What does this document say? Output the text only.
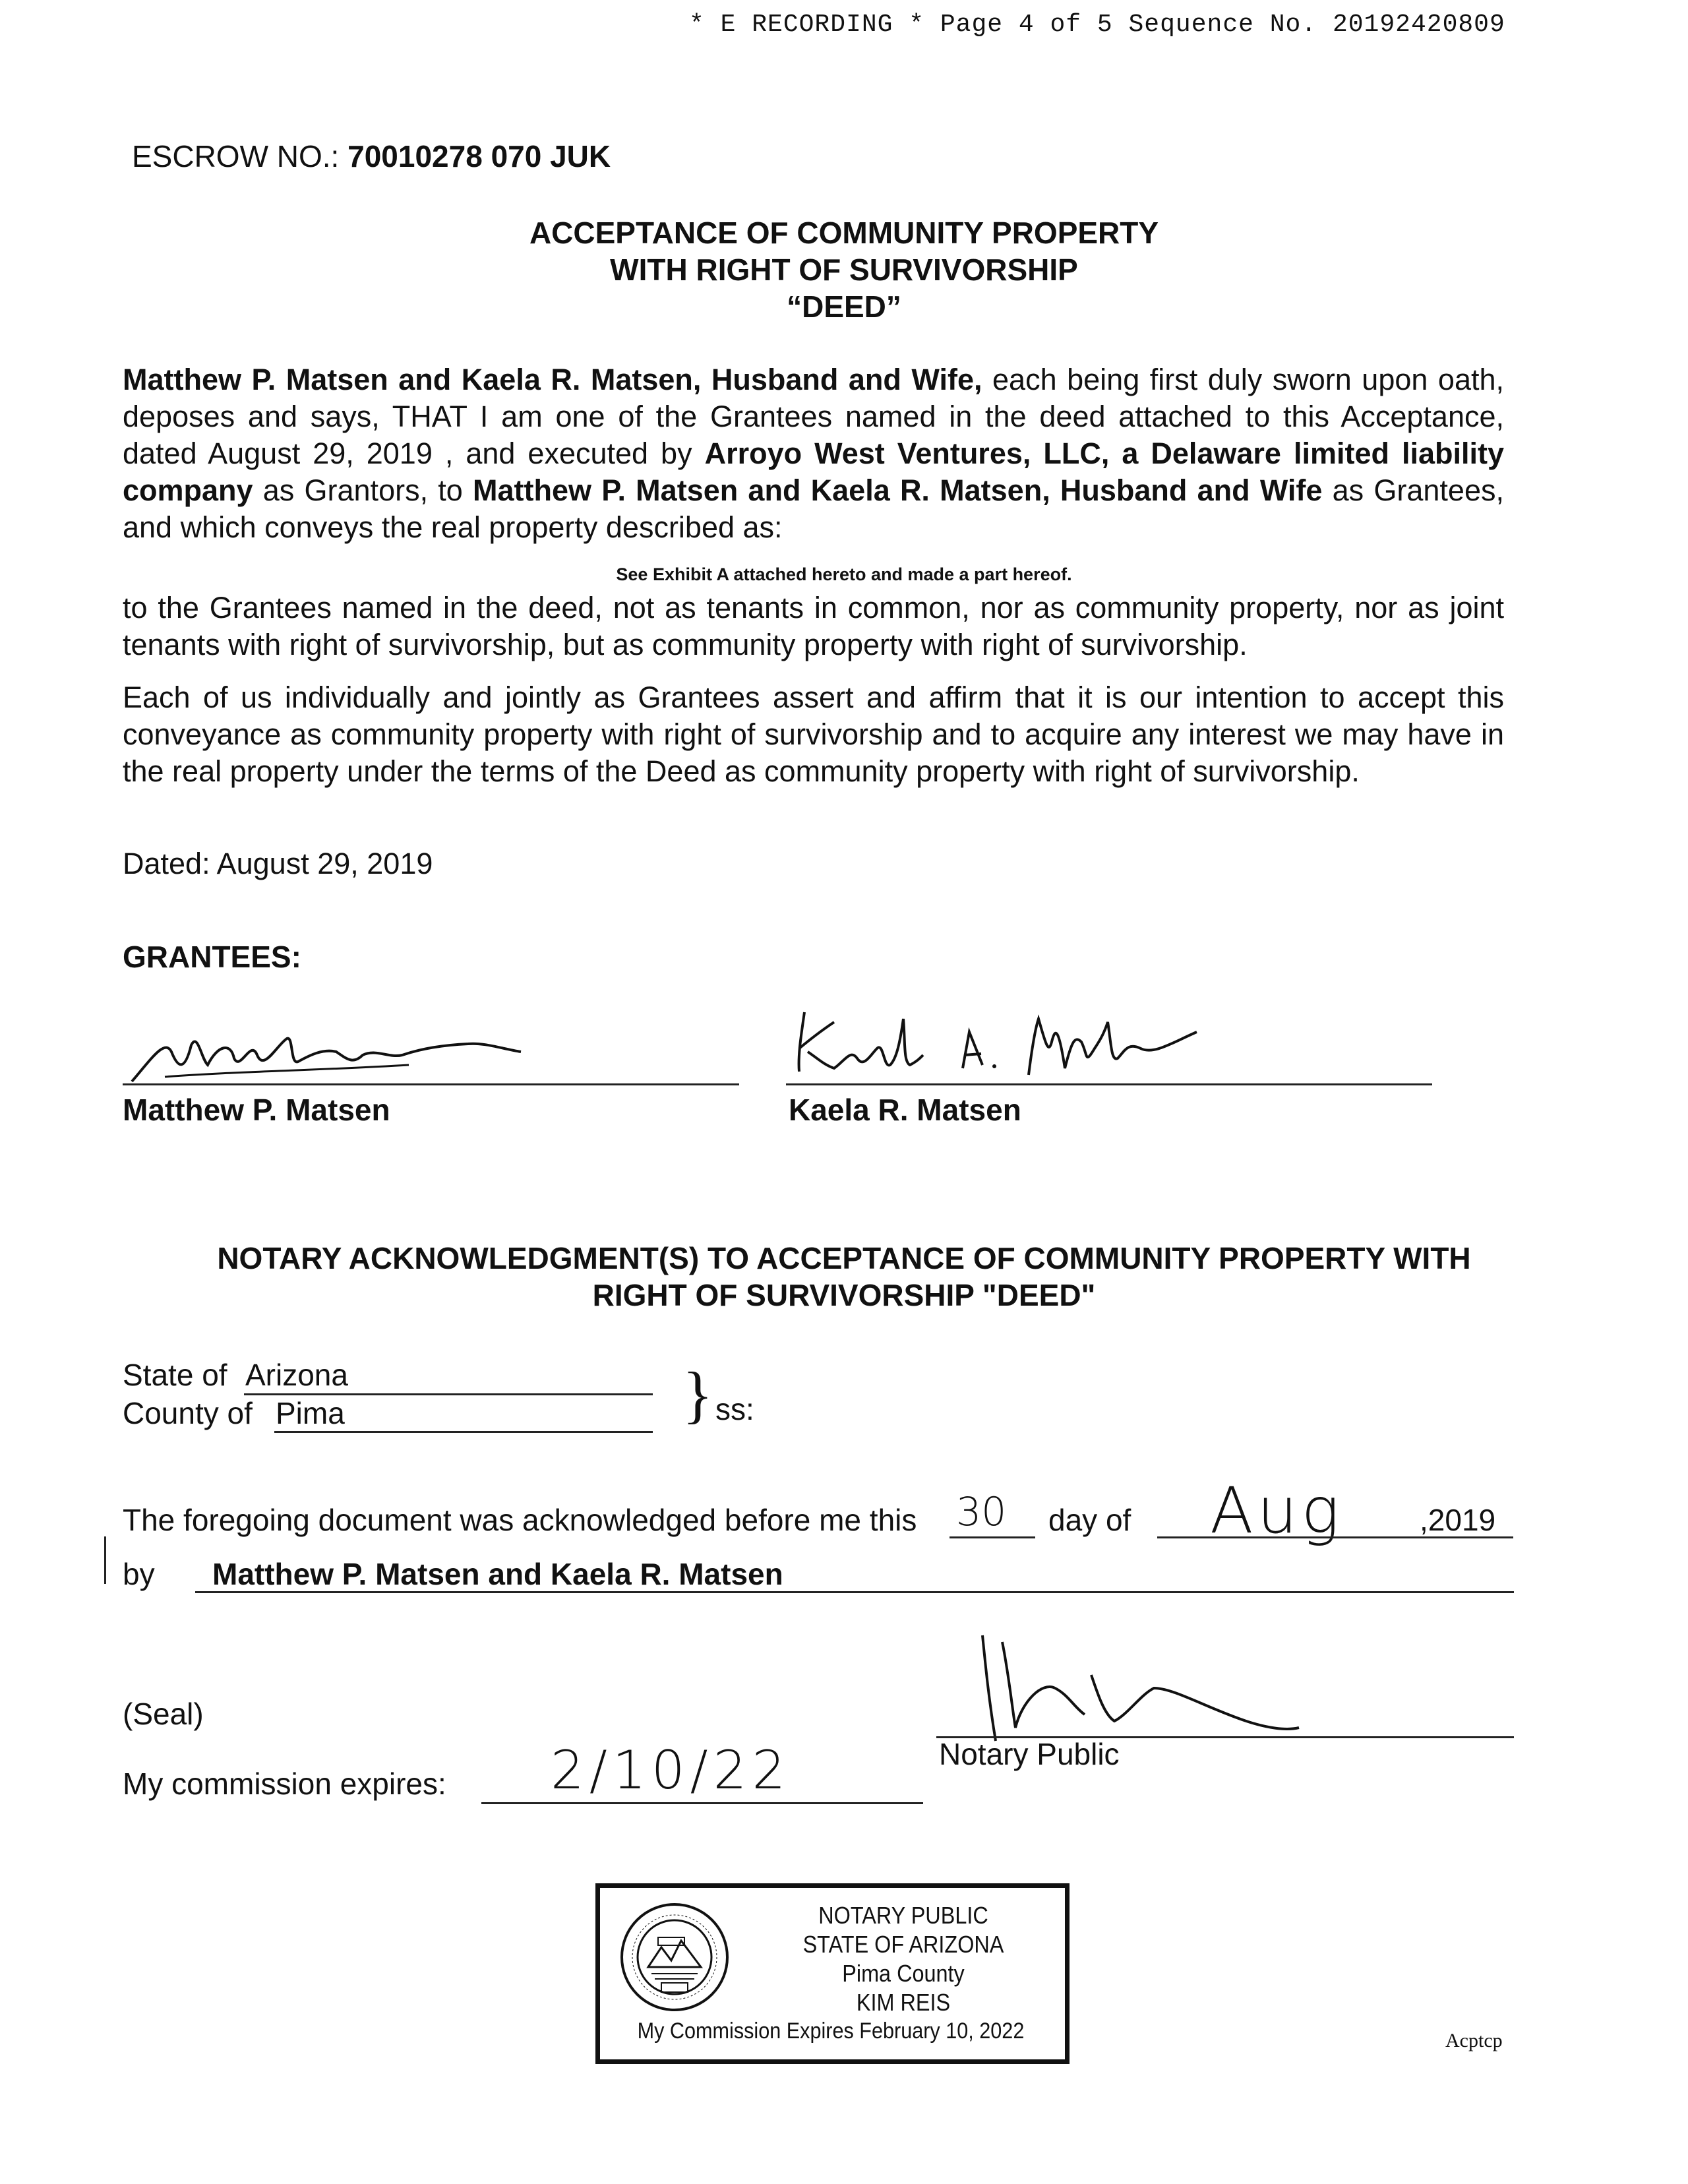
* E RECORDING * Page 4 of 5 Sequence No. 20192420809
ESCROW NO.: 70010278 070 JUK
ACCEPTANCE OF COMMUNITY PROPERTY
WITH RIGHT OF SURVIVORSHIP
“DEED”
Matthew P. Matsen and Kaela R. Matsen, Husband and Wife, each being first duly sworn upon oath, deposes and says, THAT I am one of the Grantees named in the deed attached to this Acceptance, dated August 29, 2019 , and executed by Arroyo West Ventures, LLC, a Delaware limited liability company as Grantors, to Matthew P. Matsen and Kaela R. Matsen, Husband and Wife as Grantees, and which conveys the real property described as:
See Exhibit A attached hereto and made a part hereof.
to the Grantees named in the deed, not as tenants in common, nor as community property, nor as joint tenants with right of survivorship, but as community property with right of survivorship.
Each of us individually and jointly as Grantees assert and affirm that it is our intention to accept this conveyance as community property with right of survivorship and to acquire any interest we may have in the real property under the terms of the Deed as community property with right of survivorship.
Dated: August 29, 2019
GRANTEES:
Matthew P. Matsen	Kaela R. Matsen
NOTARY ACKNOWLEDGMENT(S) TO ACCEPTANCE OF COMMUNITY PROPERTY WITH
RIGHT OF SURVIVORSHIP "DEED"
State of Arizona
County of Pima	} ss:
The foregoing document was acknowledged before me this 30 day of Aug	,2019
by Matthew P. Matsen and Kaela R. Matsen
Notary Public
(Seal)
My commission expires: 2/10/22
NOTARY PUBLIC
STATE OF ARIZONA
Pima County
KIM REIS
My Commission Expires February 10, 2022	Acptcp
